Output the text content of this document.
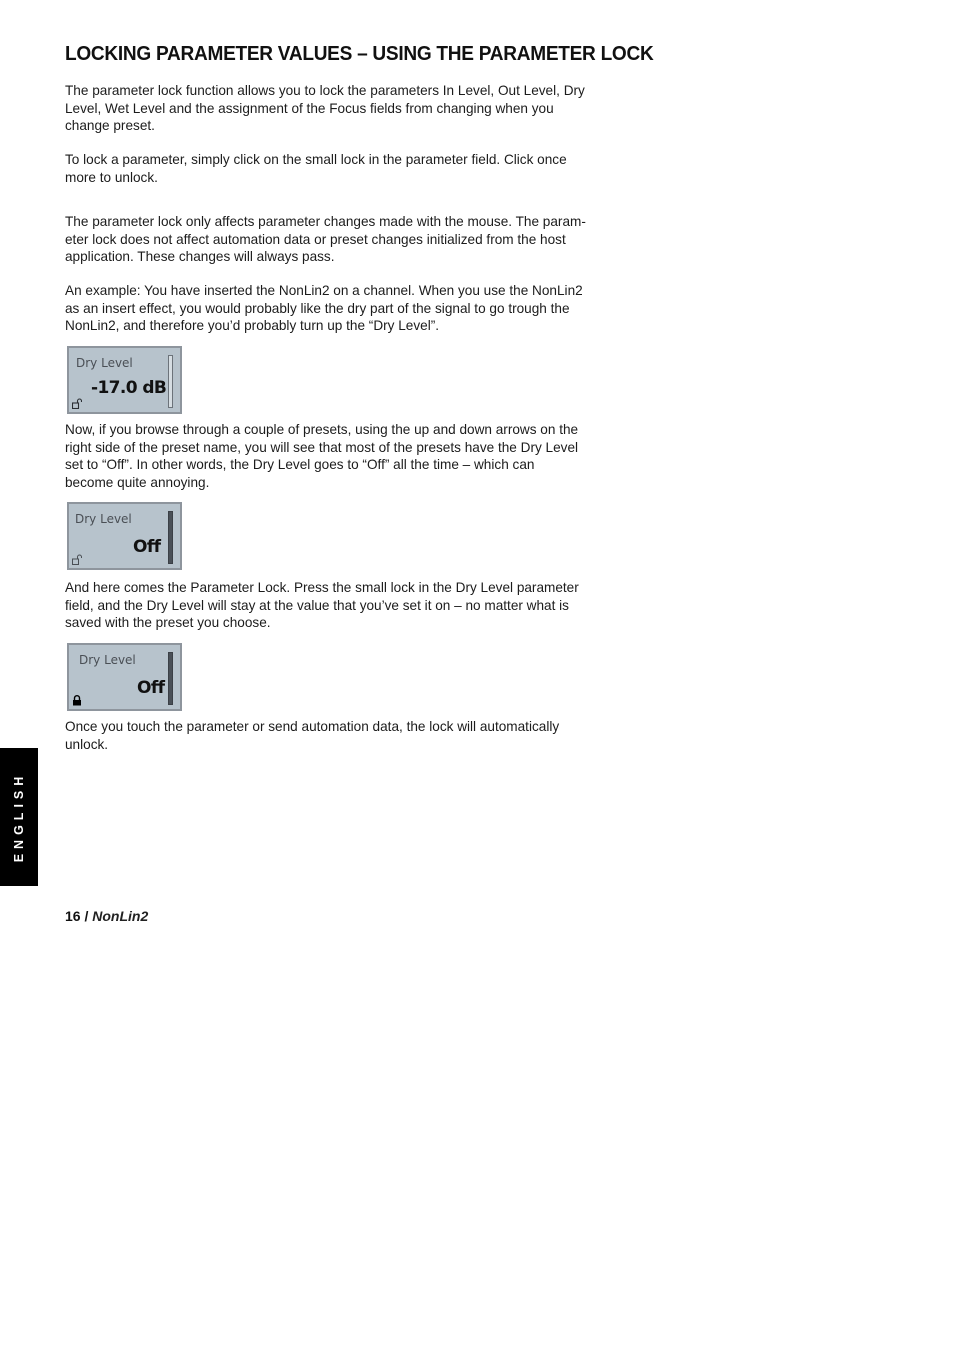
LOCKING PARAMETER VALUES – USING THE PARAMETER LOCK

The parameter lock function allows you to lock the parameters In Level, Out Level, Dry
Level, Wet Level and the assignment of the Focus fields from changing when you
change preset.

To lock a parameter, simply click on the small lock in the parameter field. Click once
more to unlock.

The parameter lock only affects parameter changes made with the mouse. The param-
eter lock does not affect automation data or preset changes initialized from the host
application. These changes will always pass.

An example: You have inserted the NonLin2 on a channel. When you use the NonLin2
as an insert effect, you would probably like the dry part of the signal to go trough the
NonLin2, and therefore you’d probably turn up the “Dry Level”.

Dry Level
-17.0 dB

Now, if you browse through a couple of presets, using the up and down arrows on the
right side of the preset name, you will see that most of the presets have the Dry Level
set to “Off”. In other words, the Dry Level goes to “Off” all the time – which can
become quite annoying.

Dry Level
Off

And here comes the Parameter Lock. Press the small lock in the Dry Level parameter
field, and the Dry Level will stay at the value that you’ve set it on – no matter what is
saved with the preset you choose.

Dry Level
Off

Once you touch the parameter or send automation data, the lock will automatically
unlock.

ENGLISH
16 / NonLin2
